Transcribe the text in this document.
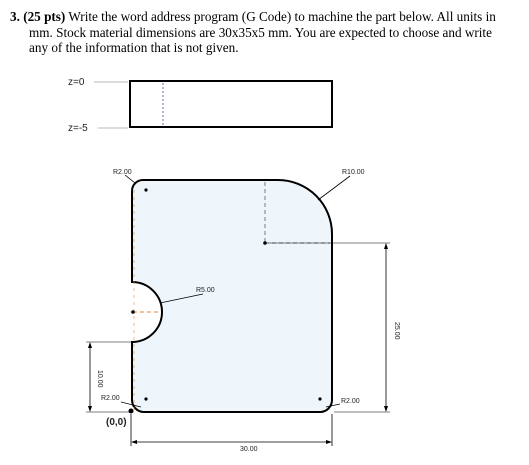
3. (25 pts) Write the word address program (G Code) to machine the part below. All units in
mm. Stock material dimensions are 30x35x5 mm. You are expected to choose and write
any of the information that is not given.
z=0
z=-5
R2.00	R10.00
R5.00
R2.00	R2.00
(0,0)
30.00
25.00
10.00
